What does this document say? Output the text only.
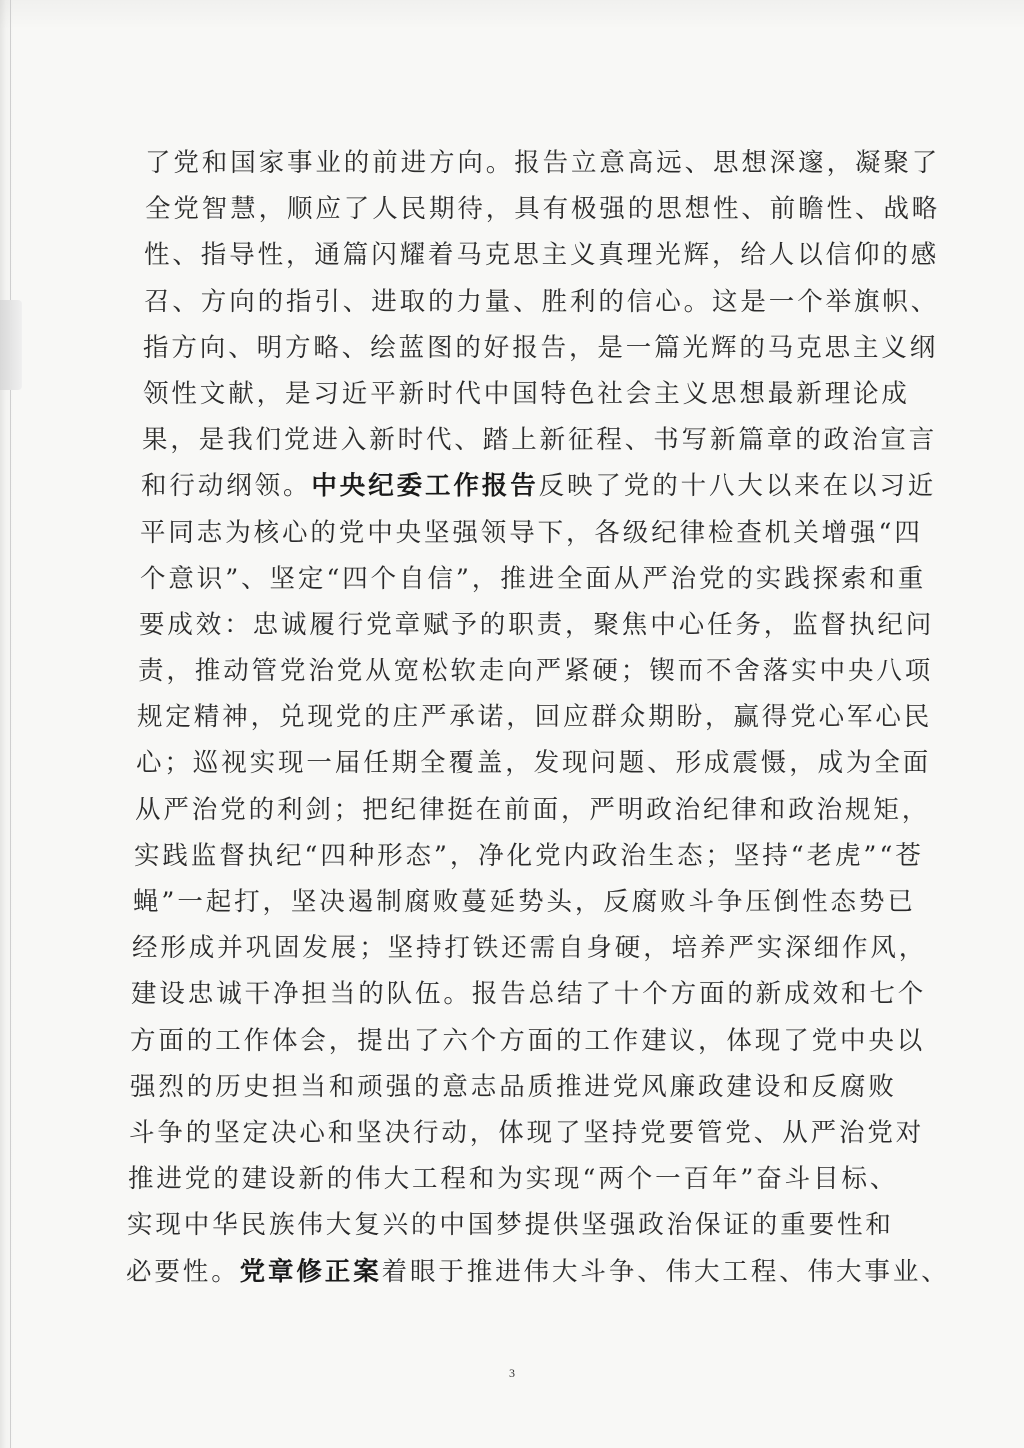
了党和国家事业的前进方向。报告立意高远、思想深邃，凝聚了
全党智慧，顺应了人民期待，具有极强的思想性、前瞻性、战略
性、指导性，通篇闪耀着马克思主义真理光辉，给人以信仰的感
召、方向的指引、进取的力量、胜利的信心。这是一个举旗帜、
指方向、明方略、绘蓝图的好报告，是一篇光辉的马克思主义纲
领性文献，是习近平新时代中国特色社会主义思想最新理论成
果，是我们党进入新时代、踏上新征程、书写新篇章的政治宣言
和行动纲领。中央纪委工作报告反映了党的十八大以来在以习近
平同志为核心的党中央坚强领导下，各级纪律检查机关增强“四
个意识”、坚定“四个自信”，推进全面从严治党的实践探索和重
要成效：忠诚履行党章赋予的职责，聚焦中心任务，监督执纪问
责，推动管党治党从宽松软走向严紧硬；锲而不舍落实中央八项
规定精神，兑现党的庄严承诺，回应群众期盼，赢得党心军心民
心；巡视实现一届任期全覆盖，发现问题、形成震慑，成为全面
从严治党的利剑；把纪律挺在前面，严明政治纪律和政治规矩，
实践监督执纪“四种形态”，净化党内政治生态；坚持“老虎”“苍
蝇”一起打，坚决遏制腐败蔓延势头，反腐败斗争压倒性态势已
经形成并巩固发展；坚持打铁还需自身硬，培养严实深细作风，
建设忠诚干净担当的队伍。报告总结了十个方面的新成效和七个
方面的工作体会，提出了六个方面的工作建议，体现了党中央以
强烈的历史担当和顽强的意志品质推进党风廉政建设和反腐败
斗争的坚定决心和坚决行动，体现了坚持党要管党、从严治党对
推进党的建设新的伟大工程和为实现“两个一百年”奋斗目标、
实现中华民族伟大复兴的中国梦提供坚强政治保证的重要性和
必要性。党章修正案着眼于推进伟大斗争、伟大工程、伟大事业、
3
